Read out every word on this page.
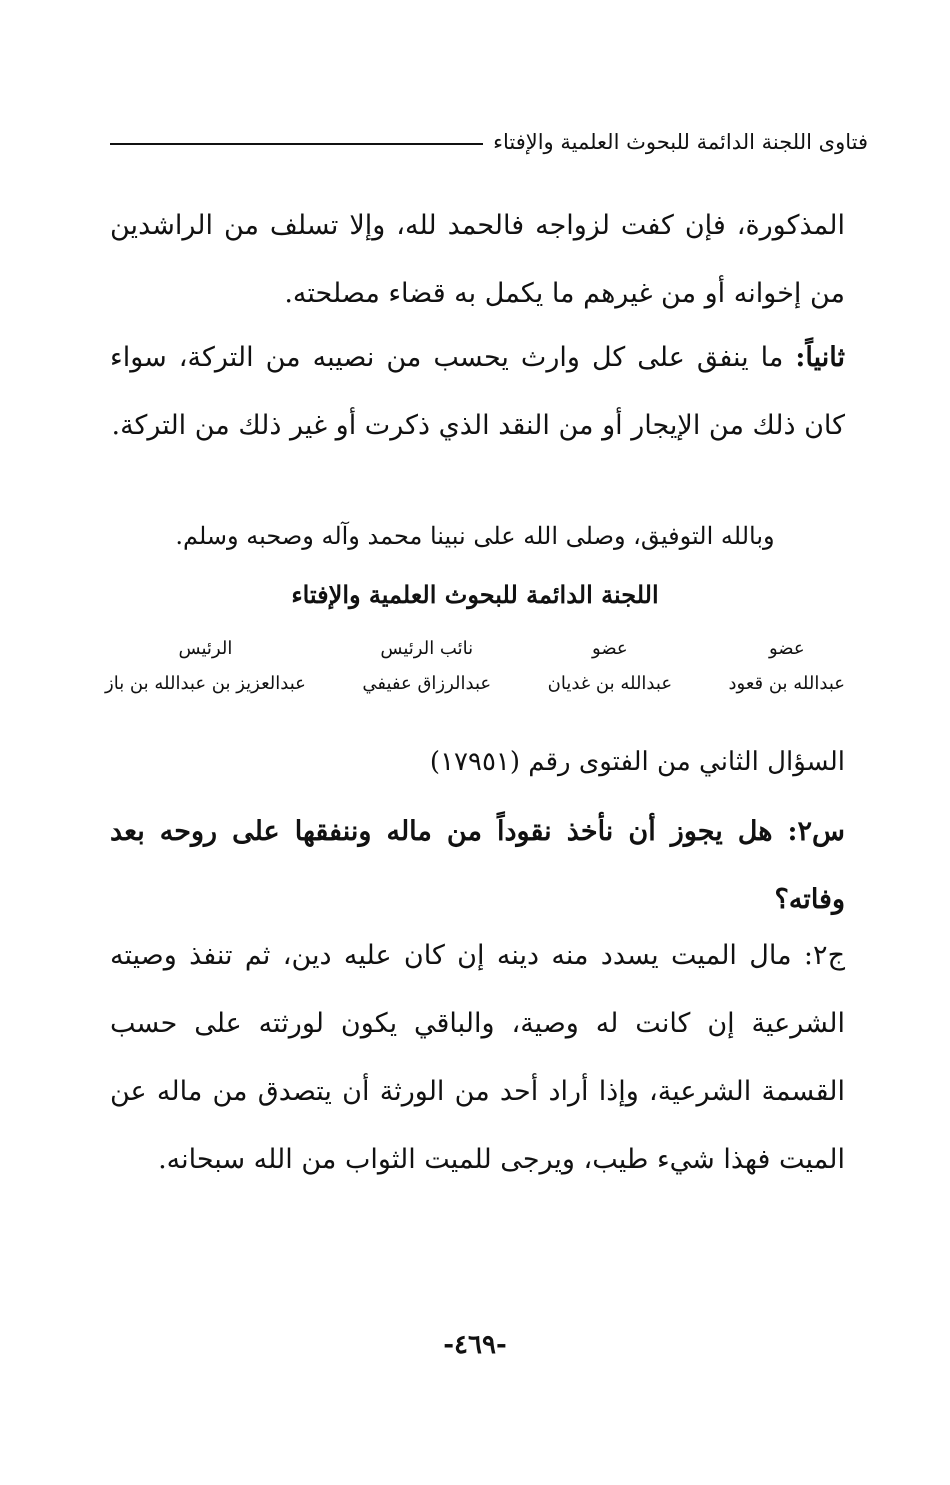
فتاوى اللجنة الدائمة للبحوث العلمية والإفتاء
المذكورة، فإن كفت لزواجه فالحمد لله، وإلا تسلف من الراشدين من إخوانه أو من غيرهم ما يكمل به قضاء مصلحته.
ثانياً: ما ينفق على كل وارث يحسب من نصيبه من التركة، سواء كان ذلك من الإيجار أو من النقد الذي ذكرت أو غير ذلك من التركة.
وبالله التوفيق، وصلى الله على نبينا محمد وآله وصحبه وسلم.
اللجنة الدائمة للبحوث العلمية والإفتاء
عضو
عبدالله بن قعود
عضو
عبدالله بن غديان
نائب الرئيس
عبدالرزاق عفيفي
الرئيس
عبدالعزيز بن عبدالله بن باز
السؤال الثاني من الفتوى رقم (١٧٩٥١)
س٢: هل يجوز أن نأخذ نقوداً من ماله وننفقها على روحه بعد وفاته؟
ج٢: مال الميت يسدد منه دينه إن كان عليه دين، ثم تنفذ وصيته الشرعية إن كانت له وصية، والباقي يكون لورثته على حسب القسمة الشرعية، وإذا أراد أحد من الورثة أن يتصدق من ماله عن الميت فهذا شيء طيب، ويرجى للميت الثواب من الله سبحانه.
-٤٦٩-
